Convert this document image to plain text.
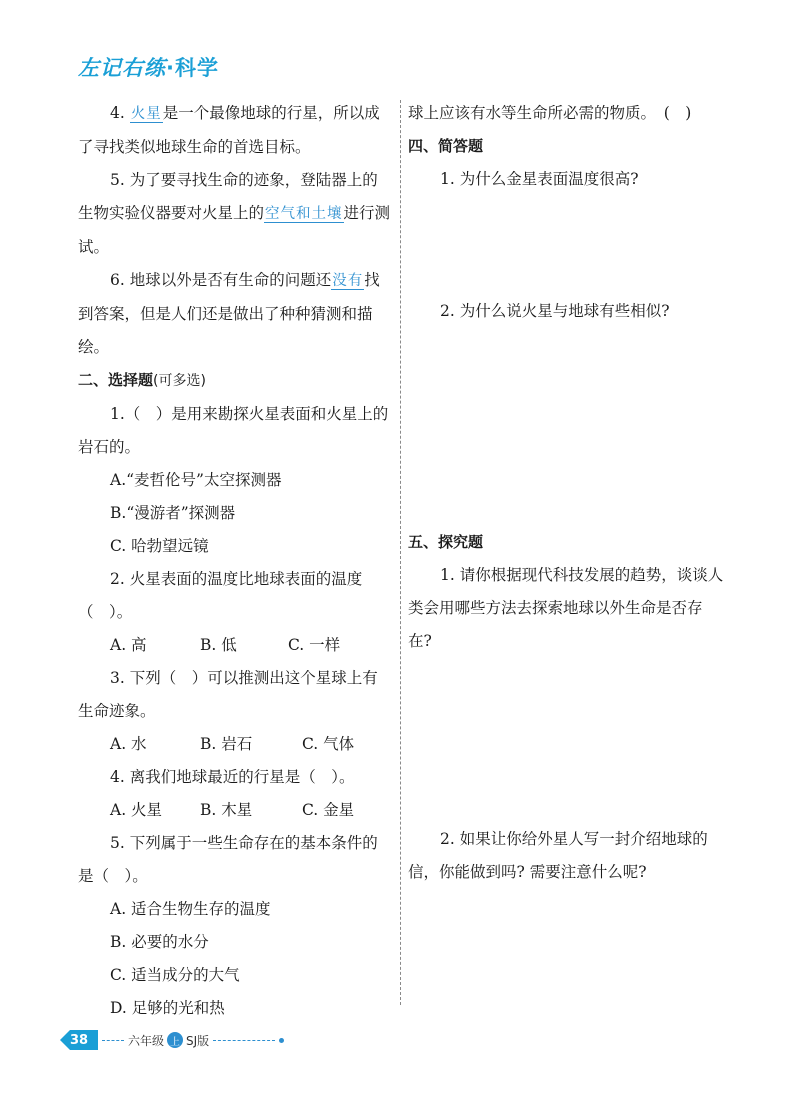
左记右练·科学

4. 火星是一个最像地球的行星，所以成了寻找类似地球生命的首选目标。

5. 为了要寻找生命的迹象，登陆器上的生物实验仪器要对火星上的空气和土壤进行测试。

6. 地球以外是否有生命的问题还没有找到答案，但是人们还是做出了种种猜测和描绘。

二、选择题(可多选)

1.（　）是用来勘探火星表面和火星上的岩石的。

A.“麦哲伦号”太空探测器

B.“漫游者”探测器

C. 哈勃望远镜

2. 火星表面的温度比地球表面的温度（　）。

A. 高	B. 低	C. 一样

3. 下列（　）可以推测出这个星球上有生命迹象。

A. 水	B. 岩石	C. 气体

4. 离我们地球最近的行星是（　）。

A. 火星	B. 木星	C. 金星

5. 下列属于一些生命存在的基本条件的是（　）。

A. 适合生物生存的温度

B. 必要的水分

C. 适当成分的大气

D. 足够的光和热

球上应该有水等生命所必需的物质。　(　)

四、简答题

1. 为什么金星表面温度很高?

2. 为什么说火星与地球有些相似?

五、探究题

1. 请你根据现代科技发展的趋势，谈谈人类会用哪些方法去探索地球以外生命是否存在?

2. 如果让你给外星人写一封介绍地球的信，你能做到吗? 需要注意什么呢?

38	六年级 上 SJ版
